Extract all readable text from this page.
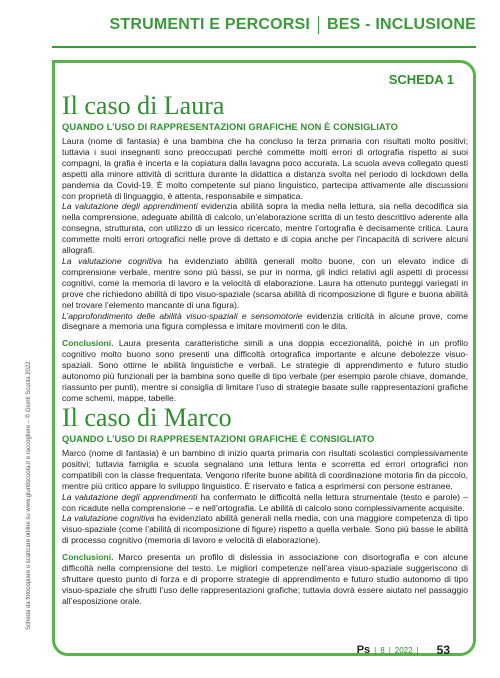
STRUMENTI E PERCORSI BES - INCLUSIONE
Scheda da fotocopiare o scaricare online su www.giuntiscuola.it e raccogliere – © Giunti Scuola 2022
SCHEDA 1
Il caso di Laura
QUANDO L’USO DI RAPPRESENTAZIONI GRAFICHE NON È CONSIGLIATO

Laura (nome di fantasia) è una bambina che ha concluso la terza primaria con risultati molto positivi; tuttavia i suoi insegnanti sono preoccupati perché commette molti errori di ortografia rispetto ai suoi compagni, la grafia è incerta e la copiatura dalla lavagna poco accurata. La scuola aveva collegato questi aspetti alla minore attività di scrittura durante la didattica a distanza svolta nel periodo di lockdown della pandemia da Covid-19. È molto competente sul piano linguistico, partecipa attivamente alle discussioni con proprietà di linguaggio, è attenta, responsabile e simpatica.

La valutazione degli apprendimenti evidenzia abilità sopra la media nella lettura, sia nella decodifica sia nella comprensione, adeguate abilità di calcolo, un’elaborazione scritta di un testo descrittivo aderente alla consegna, strutturata, con utilizzo di un lessico ricercato, mentre l’ortografia è decisamente critica. Laura commette molti errori ortografici nelle prove di dettato e di copia anche per l’incapacità di scrivere alcuni allografi.

La valutazione cognitiva ha evidenziato abilità generali molto buone, con un elevato indice di comprensione verbale, mentre sono più bassi, se pur in norma, gli indici relativi agli aspetti di processi cognitivi, come la memoria di lavoro e la velocità di elaborazione. Laura ha ottenuto punteggi variegati in prove che richiedono abilità di tipo visuo-spaziale (scarsa abilità di ricomposizione di figure e buona abilità nel trovare l’elemento mancante di una figura).

L’approfondimento delle abilità visuo-spaziali e sensomotorie evidenzia criticità in alcune prove, come disegnare a memoria una figura complessa e imitare movimenti con le dita.

Conclusioni. Laura presenta caratteristiche simili a una doppia eccezionalità, poiché in un profilo cognitivo molto buono sono presenti una difficoltà ortografica importante e alcune debolezze visuo-spaziali. Sono ottime le abilità linguistiche e verbali. Le strategie di apprendimento e futuro studio autonomo più funzionali per la bambina sono quelle di tipo verbale (per esempio parole chiave, domande, riassunto per punti), mentre si consiglia di limitare l’uso di strategie basate sulle rappresentazioni grafiche come schemi, mappe, tabelle.

Il caso di Marco
QUANDO L’USO DI RAPPRESENTAZIONI GRAFICHE È CONSIGLIATO

Marco (nome di fantasia) è un bambino di inizio quarta primaria con risultati scolastici complessivamente positivi; tuttavia famiglia e scuola segnalano una lettura lenta e scorretta ed errori ortografici non compatibili con la classe frequentata. Vengono riferite buone abilità di coordinazione motoria fin da piccolo, mentre più critico appare lo sviluppo linguistico. È riservato e fatica a esprimersi con persone estranee.

La valutazione degli apprendimenti ha confermato le difficoltà nella lettura strumentale (testo e parole) – con ricadute nella comprensione – e nell’ortografia. Le abilità di calcolo sono complessivamente acquisite.

La valutazione cognitiva ha evidenziato abilità generali nella media, con una maggiore competenza di tipo visuo-spaziale (come l’abilità di ricomposizione di figure) rispetto a quella verbale. Sono più basse le abilità di processo cognitivo (memoria di lavoro e velocità di elaborazione).

Conclusioni. Marco presenta un profilo di dislessia in associazione con disortografia e con alcune difficoltà nella comprensione del testo. Le migliori competenze nell’area visuo-spaziale suggeriscono di sfruttare questo punto di forza e di proporre strategie di apprendimento e futuro studio autonomo di tipo visuo-spaziale che sfrutti l’uso delle rappresentazioni grafiche; tuttavia dovrà essere aiutato nel passaggio all’esposizione orale.

Ps | 8 | 2022 | 53
